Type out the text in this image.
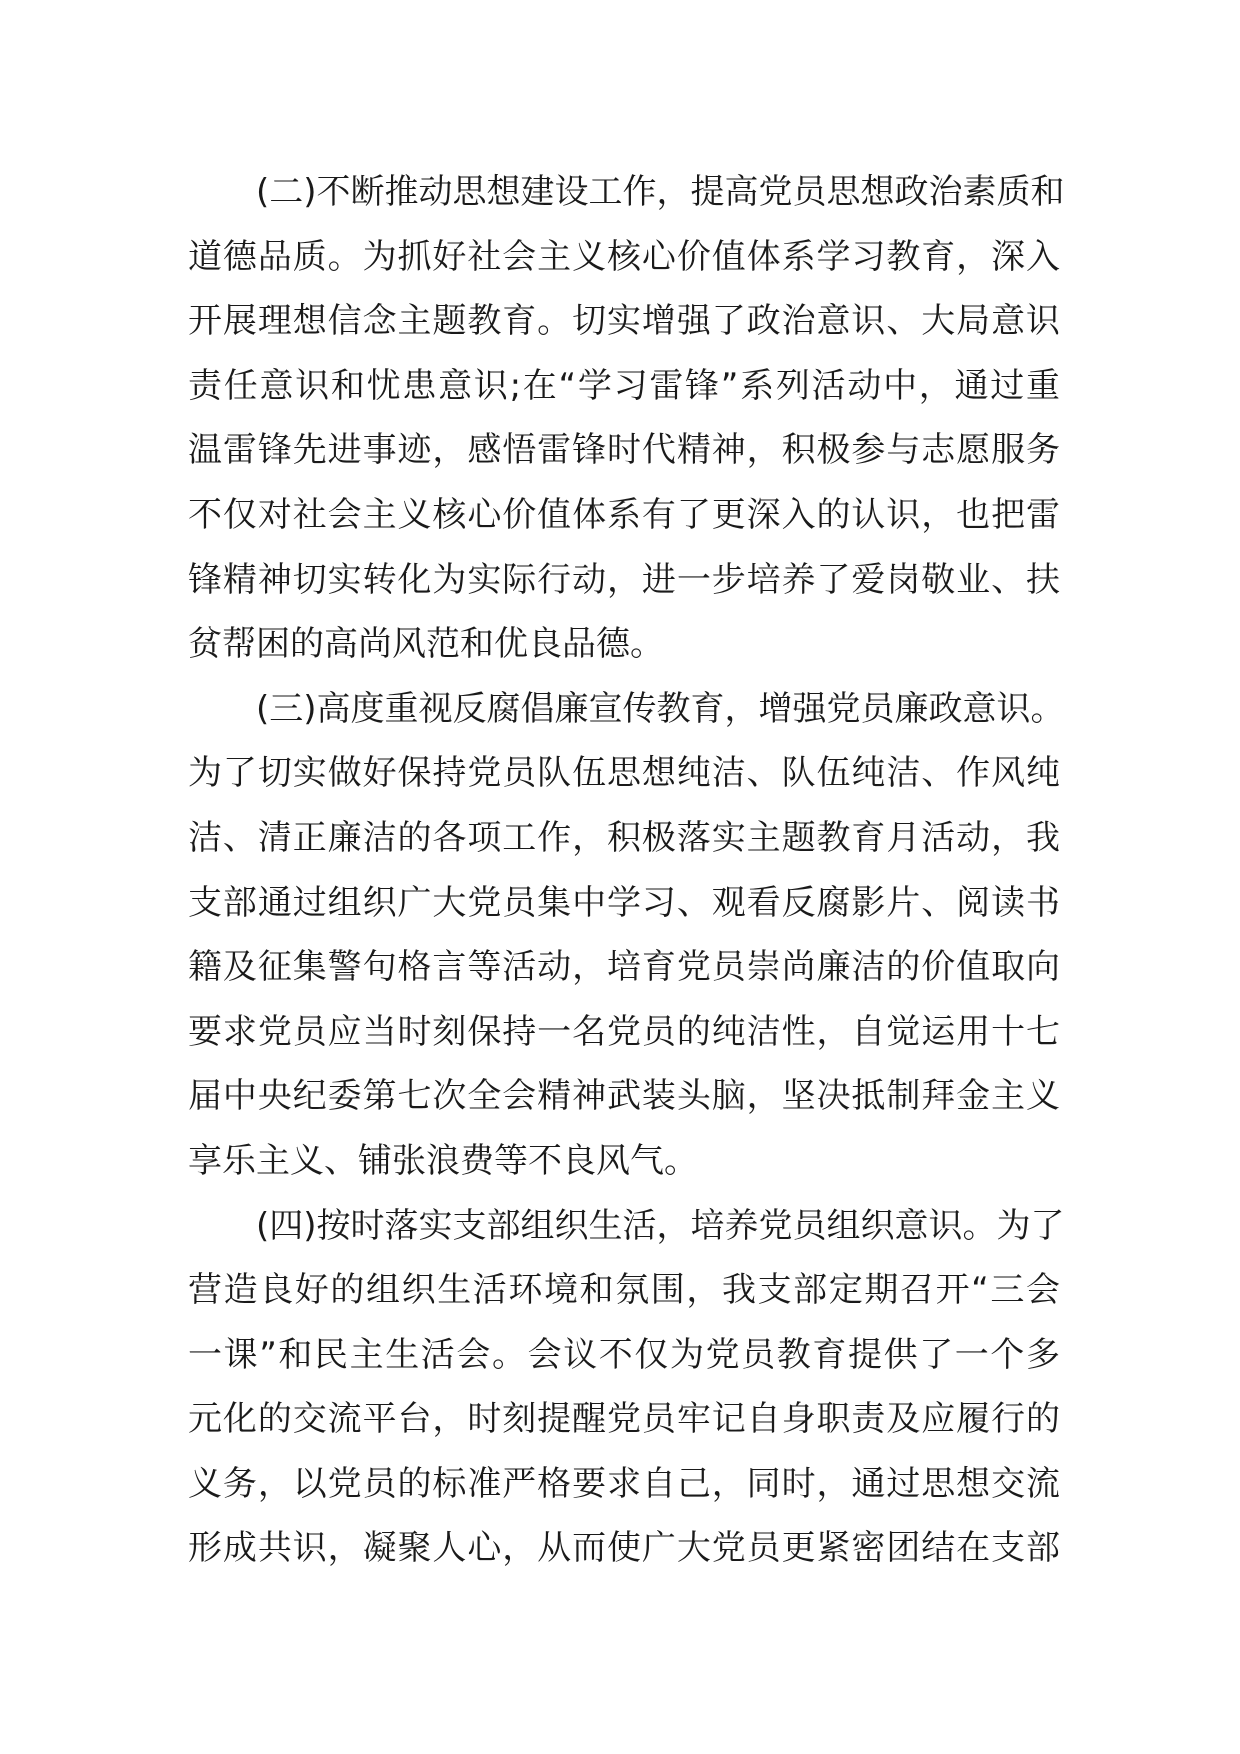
(二)不断推动思想建设工作，提高党员思想政治素质和
道德品质。为抓好社会主义核心价值体系学习教育，深入
开展理想信念主题教育。切实增强了政治意识、大局意识
责任意识和忧患意识;在“学习雷锋”系列活动中，通过重
温雷锋先进事迹，感悟雷锋时代精神，积极参与志愿服务
不仅对社会主义核心价值体系有了更深入的认识，也把雷
锋精神切实转化为实际行动，进一步培养了爱岗敬业、扶
贫帮困的高尚风范和优良品德。
(三)高度重视反腐倡廉宣传教育，增强党员廉政意识。
为了切实做好保持党员队伍思想纯洁、队伍纯洁、作风纯
洁、清正廉洁的各项工作，积极落实主题教育月活动，我
支部通过组织广大党员集中学习、观看反腐影片、阅读书
籍及征集警句格言等活动，培育党员崇尚廉洁的价值取向
要求党员应当时刻保持一名党员的纯洁性，自觉运用十七
届中央纪委第七次全会精神武装头脑，坚决抵制拜金主义
享乐主义、铺张浪费等不良风气。
(四)按时落实支部组织生活，培养党员组织意识。为了
营造良好的组织生活环境和氛围，我支部定期召开“三会
一课”和民主生活会。会议不仅为党员教育提供了一个多
元化的交流平台，时刻提醒党员牢记自身职责及应履行的
义务，以党员的标准严格要求自己，同时，通过思想交流
形成共识，凝聚人心，从而使广大党员更紧密团结在支部
